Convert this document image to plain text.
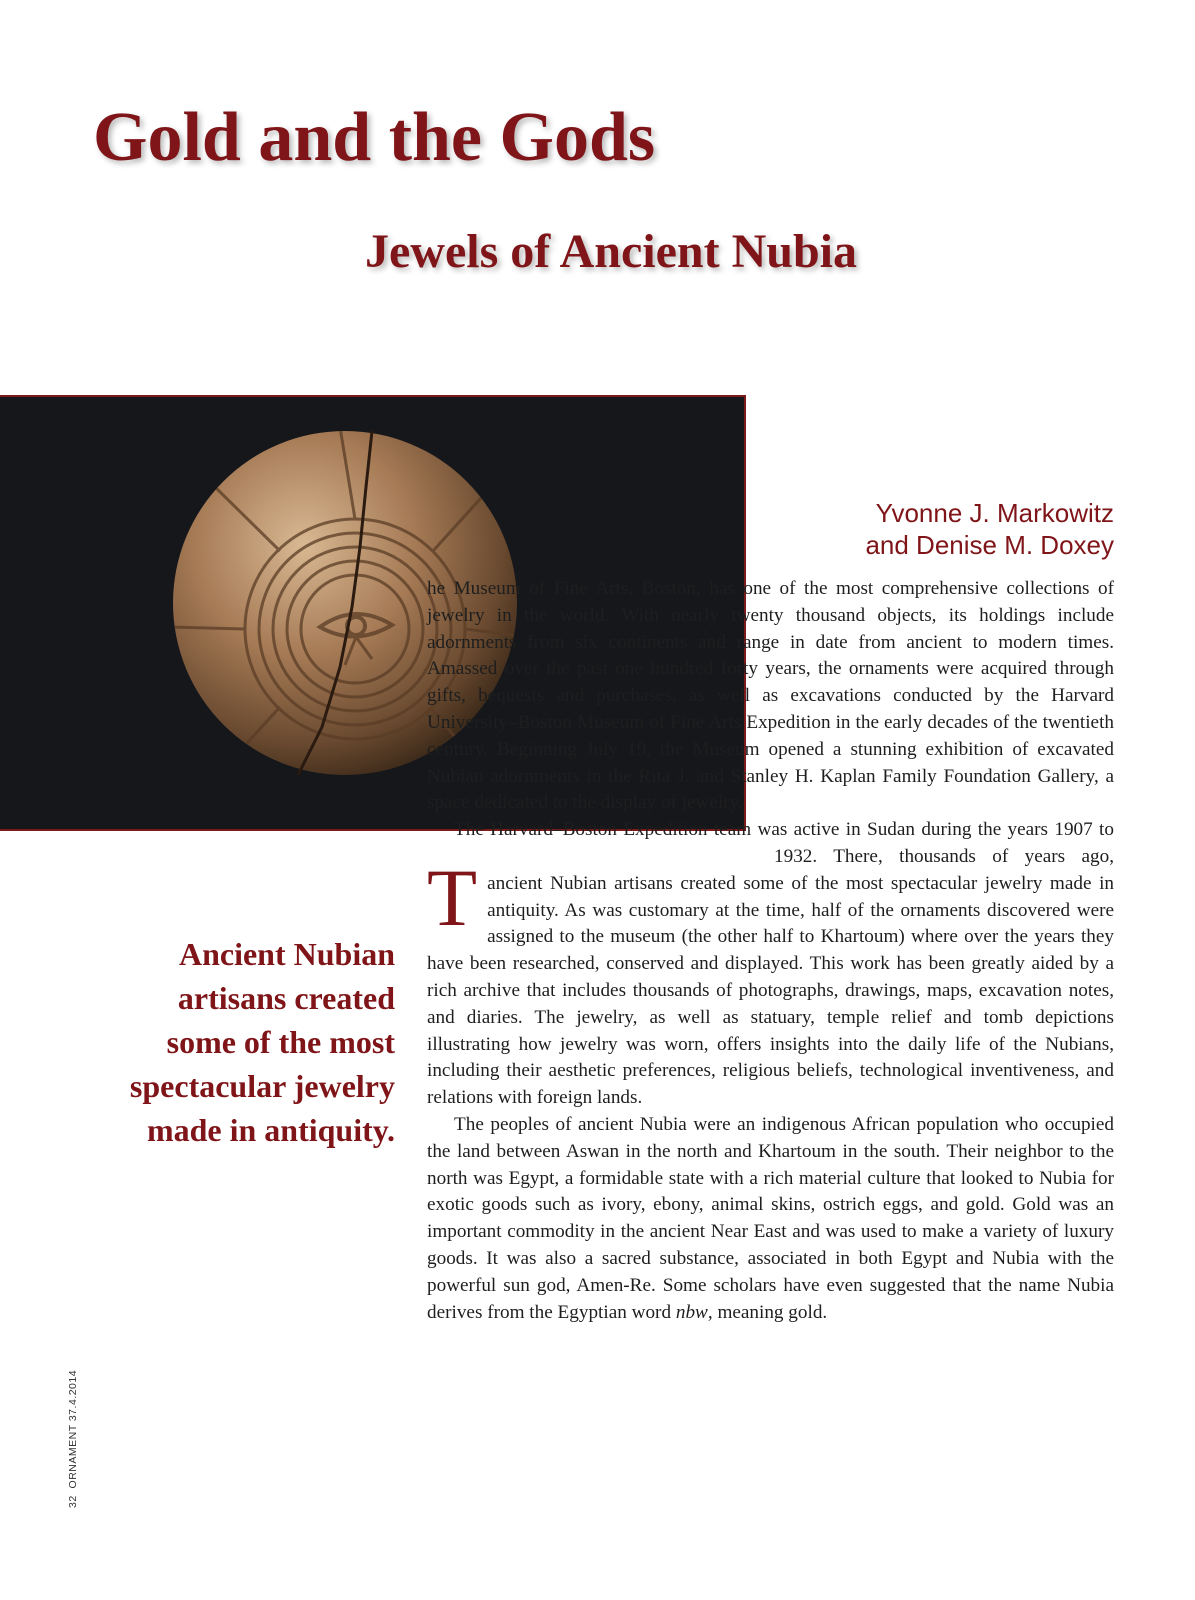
Gold and the Gods
Jewels of Ancient Nubia
Yvonne J. Markowitz
and Denise M. Doxey

T
he Museum of Fine Arts, Boston, has one of the most comprehensive collections of jewelry in the world. With nearly twenty thousand objects, its holdings include adornments from six continents and range in date from ancient to modern times. Amassed over the past one hundred forty years, the ornaments were acquired through gifts, bequests and purchases, as well as excavations conducted by the Harvard University–Boston Museum of Fine Arts Expedition in the early decades of the twentieth century. Beginning July 19, the Museum opened a stunning exhibition of excavated Nubian adornments in the Rita J. and Stanley H. Kaplan Family Foundation Gallery, a space dedicated to the display of jewelry.

The Harvard–Boston Expedition team was active in Sudan during the years 1907 to 1932. There, thousands of years ago, ancient Nubian artisans created some of the most spectacular jewelry made in antiquity. As was customary at the time, half of the ornaments discovered were assigned to the museum (the other half to Khartoum) where over the years they have been researched, conserved and displayed. This work has been greatly aided by a rich archive that includes thousands of photographs, drawings, maps, excavation notes, and diaries. The jewelry, as well as statuary, temple relief and tomb depictions illustrating how jewelry was worn, offers insights into the daily life of the Nubians, including their aesthetic preferences, religious beliefs, technological inventiveness, and relations with foreign lands.

The peoples of ancient Nubia were an indigenous African population who occupied the land between Aswan in the north and Khartoum in the south. Their neighbor to the north was Egypt, a formidable state with a rich material culture that looked to Nubia for exotic goods such as ivory, ebony, animal skins, ostrich eggs, and gold. Gold was an important commodity in the ancient Near East and was used to make a variety of luxury goods. It was also a sacred substance, associated in both Egypt and Nubia with the powerful sun god, Amen-Re. Some scholars have even suggested that the name Nubia derives from the Egyptian word nbw, meaning gold.

Ancient Nubian
artisans created
some of the most
spectacular jewelry
made in antiquity.
32  ORNAMENT 37.4.2014
